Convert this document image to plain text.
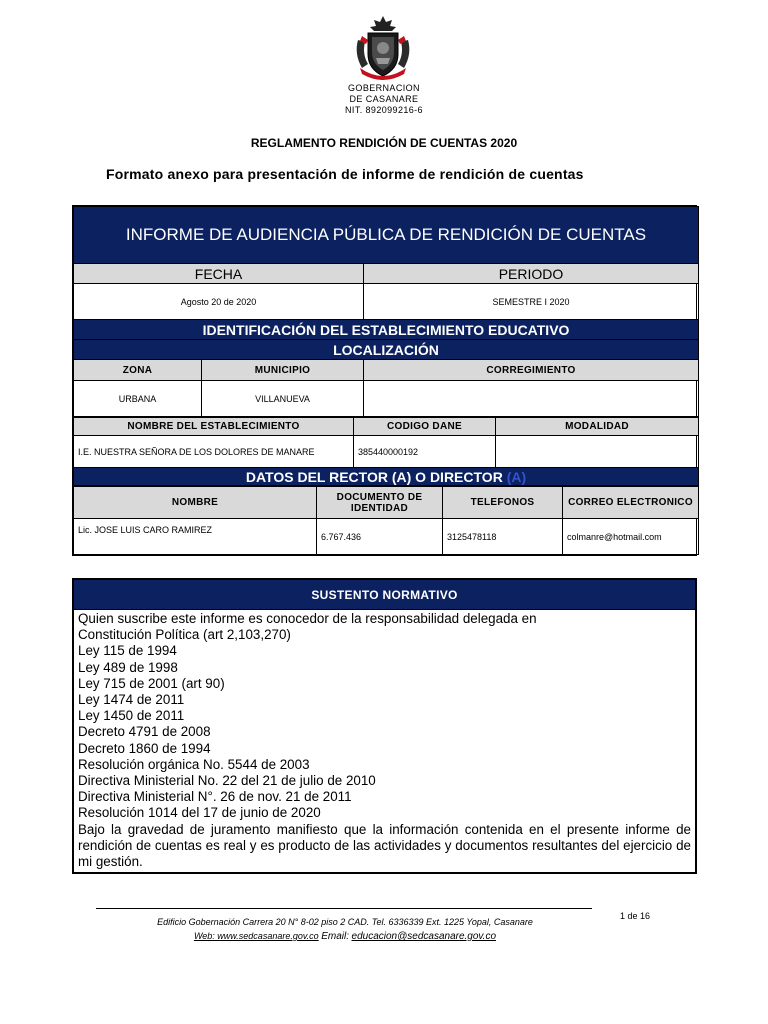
GOBERNACION
DE CASANARE
NIT. 892099216-6
REGLAMENTO RENDICIÓN DE CUENTAS 2020
Formato anexo para presentación de informe de rendición de cuentas
INFORME DE AUDIENCIA PÚBLICA DE RENDICIÓN DE CUENTAS		
FECHA		PERIODO
Agosto 20 de 2020		SEMESTRE I 2020
IDENTIFICACIÓN DEL ESTABLECIMIENTO EDUCATIVO		
LOCALIZACIÓN		
ZONA	MUNICIPIO	CORREGIMIENTO
URBANA	VILLANUEVA	
NOMBRE DEL ESTABLECIMIENTO	CODIGO DANE	MODALIDAD
I.E. NUESTRA SEÑORA DE LOS DOLORES DE MANARE	385440000192	
DATOS DEL RECTOR (A) O DIRECTOR (A)		
NOMBRE	DOCUMENTO DE IDENTIDAD	TELEFONOS	CORREO ELECTRONICO
Lic. JOSE LUIS CARO RAMIREZ	6.767.436	3125478118	colmanre@hotmail.com
SUSTENTO NORMATIVO

Quien suscribe este informe es conocedor de la responsabilidad delegada en
Constitución Política (art 2,103,270)
Ley 115 de 1994
Ley 489 de 1998
Ley 715 de 2001 (art 90)
Ley 1474 de 2011
Ley 1450 de 2011
Decreto 4791 de 2008
Decreto 1860 de 1994
Resolución orgánica No. 5544 de 2003
Directiva Ministerial No. 22 del 21 de julio de 2010
Directiva Ministerial N°. 26 de nov. 21 de 2011
Resolución 1014 del 17 de junio de 2020
Bajo la gravedad de juramento manifiesto que la información contenida en el presente informe de rendición de cuentas es real y es producto de las actividades y documentos resultantes del ejercicio de mi gestión.
Edificio Gobernación Carrera 20 N° 8-02 piso 2 CAD. Tel. 6336339 Ext. 1225 Yopal, Casanare
Web: www.sedcasanare.gov.co Email: educacion@sedcasanare.gov.co
1 de 16
